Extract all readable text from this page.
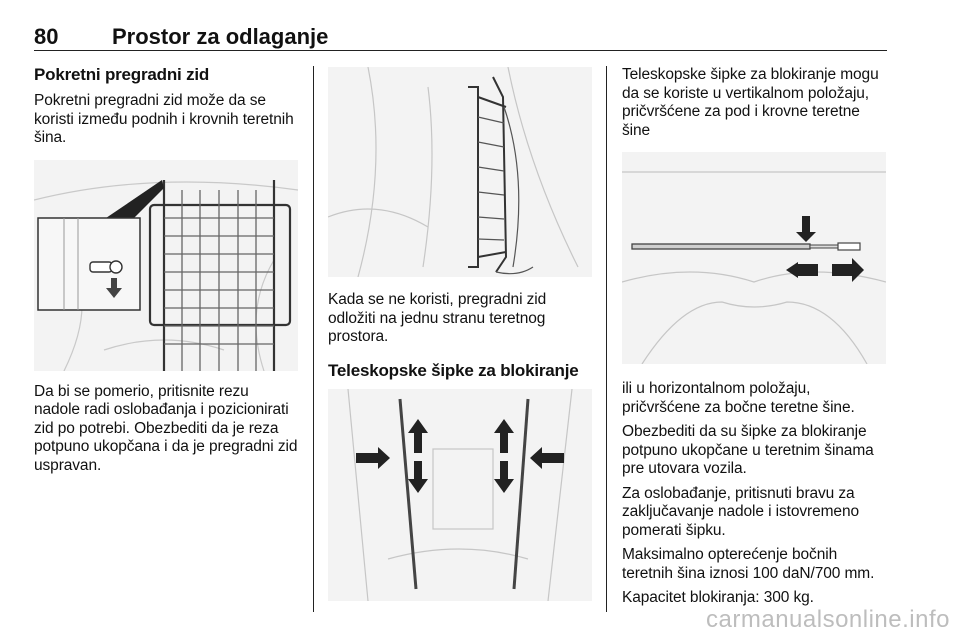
80 Prostor za odlaganje
Pokretni pregradni zid

Pokretni pregradni zid može da se koristi između podnih i krovnih teretnih šina.

Da bi se pomerio, pritisnite rezu nadole radi oslobađanja i pozicionirati zid po potrebi. Obezbediti da je reza potpuno ukopčana i da je pregradni zid uspravan.

Kada se ne koristi, pregradni zid odložiti na jednu stranu teretnog prostora.

Teleskopske šipke za blokiranje

Teleskopske šipke za blokiranje mogu da se koriste u vertikalnom položaju, pričvršćene za pod i krovne teretne šine

ili u horizontalnom položaju, pričvršćene za bočne teretne šine.

Obezbediti da su šipke za blokiranje potpuno ukopčane u teretnim šinama pre utovara vozila.

Za oslobađanje, pritisnuti bravu za zaključavanje nadole i istovremeno pomerati šipku.

Maksimalno opterećenje bočnih teretnih šina iznosi 100 daN/700 mm.

Kapacitet blokiranja: 300 kg.

carmanualsonline.info
